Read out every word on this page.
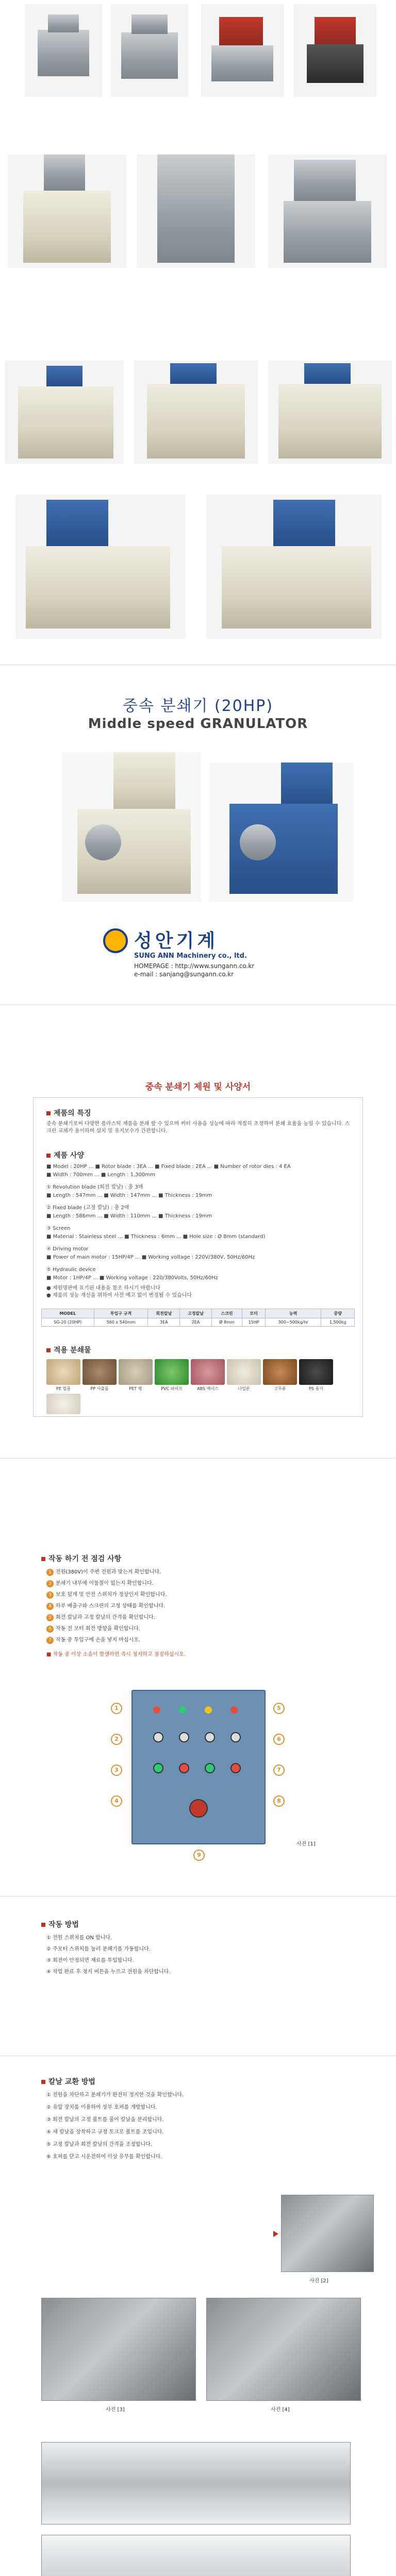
중속 분쇄기 (20HP)
Middle speed GRANULATOR
성안기계
SUNG ANN Machinery co., ltd.
HOMEPAGE : http://www.sungann.co.kr
e-mail : sanjang@sungann.co.kr
중속 분쇄기 제원 및 사양서
제품의 특징
중속 분쇄기로써 다양한 플라스틱 제품을 분쇄 할 수 있으며 커터 사용을 성능에 따라 적절히 조정하여 분쇄 효율을 높일 수 있습니다. 스크린 교체가 용이하며 설치 및 유지보수가 간편합니다.
제품 사양
■ Model : 20HP ... ■ Rotor blade : 3EA ... ■ Fixed blade : 2EA ... ■ Number of rotor dies : 4 EA
■ Width : 700mm ... ■ Length : 1,300mm
① Revolution blade (회전 칼날) : 총 3매
■ Length : 547mm ... ■ Width : 147mm ... ■ Thickness : 19mm
② Fixed blade (고정 칼날) : 총 2매
■ Length : 586mm ... ■ Width : 110mm ... ■ Thickness : 19mm
③ Screen
■ Material : Stainless steel ... ■ Thickness : 6mm ... ■ Hole size : Ø 8mm (standard)
④ Driving motor
■ Power of main motor : 15HP/4P ... ■ Working voltage : 220V/380V, 50Hz/60Hz
⑤ Hydraulic device
■ Motor : 1HP/4P ... ■ Working voltage : 220/380Volts, 50Hz/60Hz
● 제원명판에 표기된 내용을 참조 하시기 바랍니다
● 제품의 성능 개선을 위하여 사전 예고 없이 변경될 수 있습니다
MODEL	투입구 규격	회전칼날	고정칼날	스크린	모터	능력	중량
SG-20 (20HP)	560 x 540mm	3EA	2EA	Ø 8mm	15HP	300~500kg/hr	1,500kg
적용 분쇄물
PE 필름	PP 사출품	PET 병	PVC 파이프	ABS 케이스	나일론	고무류	PS 용기
작동 하기 전 점검 사항
1 전원(380V)이 주변 전원과 맞는지 확인합니다.
2 분쇄기 내부에 이물질이 없는지 확인합니다.
3 보호 덮개 및 안전 스위치가 정상인지 확인합니다.
4 하부 배출구와 스크린의 고정 상태를 확인합니다.
5 회전 칼날과 고정 칼날의 간격을 확인합니다.
6 작동 전 모터 회전 방향을 확인합니다.
7 작동 중 투입구에 손을 넣지 마십시오.
■ 작동 중 이상 소음이 발생하면 즉시 정지하고 점검하십시오.
1
2
3
4
5
6
7
8
9
사진 [1]
작동 방법
① 전원 스위치를 ON 합니다.
② 주모터 스위치를 눌러 분쇄기를 가동합니다.
③ 회전이 안정되면 재료를 투입합니다.
④ 작업 완료 후 정지 버튼을 누르고 전원을 차단합니다.
칼날 교환 방법
① 전원을 차단하고 분쇄기가 완전히 정지한 것을 확인합니다.
② 유압 장치를 이용하여 상부 호퍼를 개방합니다.
③ 회전 칼날의 고정 볼트를 풀어 칼날을 분리합니다.
④ 새 칼날을 장착하고 규정 토크로 볼트를 조입니다.
⑤ 고정 칼날과 회전 칼날의 간격을 조정합니다.
⑥ 호퍼를 닫고 시운전하여 이상 유무를 확인합니다.
사진 [2]
사진 [3]	사진 [4]
